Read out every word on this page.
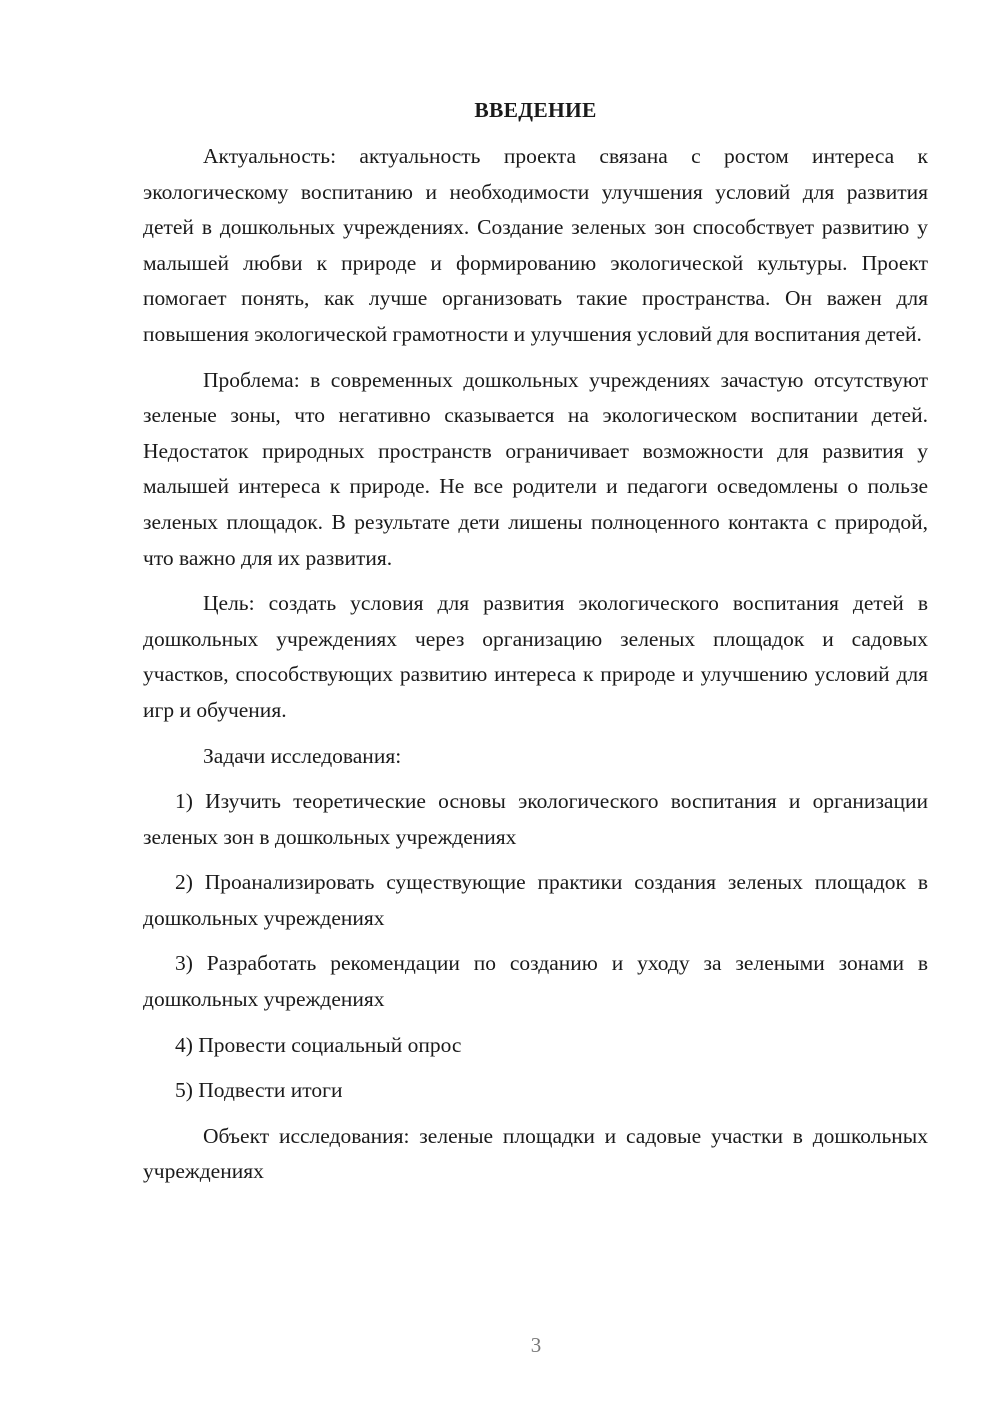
ВВЕДЕНИЕ

Актуальность: актуальность проекта связана с ростом интереса к экологическому воспитанию и необходимости улучшения условий для развития детей в дошкольных учреждениях. Создание зеленых зон способствует развитию у малышей любви к природе и формированию экологической культуры. Проект помогает понять, как лучше организовать такие пространства. Он важен для повышения экологической грамотности и улучшения условий для воспитания детей.

Проблема: в современных дошкольных учреждениях зачастую отсутствуют зеленые зоны, что негативно сказывается на экологическом воспитании детей. Недостаток природных пространств ограничивает возможности для развития у малышей интереса к природе. Не все родители и педагоги осведомлены о пользе зеленых площадок. В результате дети лишены полноценного контакта с природой, что важно для их развития.

Цель: создать условия для развития экологического воспитания детей в дошкольных учреждениях через организацию зеленых площадок и садовых участков, способствующих развитию интереса к природе и улучшению условий для игр и обучения.

Задачи исследования:

1) Изучить теоретические основы экологического воспитания и организации зеленых зон в дошкольных учреждениях

2) Проанализировать существующие практики создания зеленых площадок в дошкольных учреждениях

3) Разработать рекомендации по созданию и уходу за зелеными зонами в дошкольных учреждениях

4) Провести социальный опрос

5) Подвести итоги

Объект исследования: зеленые площадки и садовые участки в дошкольных учреждениях

3
